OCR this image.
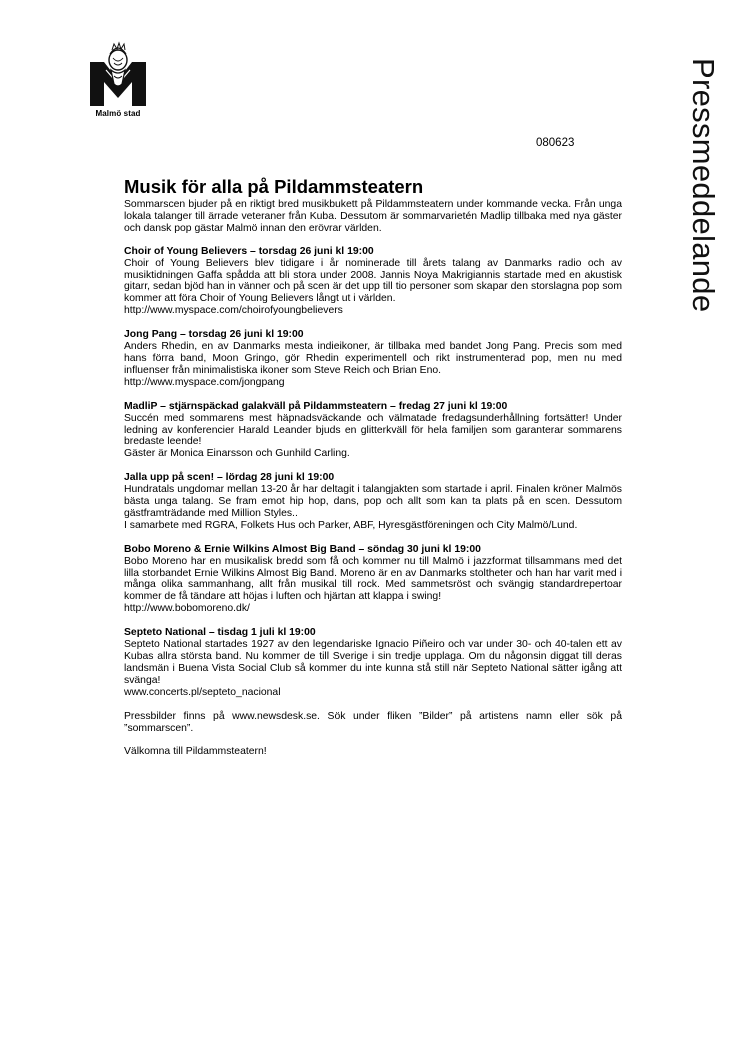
Malmö stad	Pressmeddelande
080623
Musik för alla på Pildammsteatern

Sommarscen bjuder på en riktigt bred musikbukett på Pildammsteatern under kommande vecka. Från unga lokala talanger till ärrade veteraner från Kuba. Dessutom är sommarvarietén Madlip tillbaka med nya gäster och dansk pop gästar Malmö innan den erövrar världen.

Choir of Young Believers – torsdag 26 juni kl 19:00

Choir of Young Believers blev tidigare i år nominerade till årets talang av Danmarks radio och av musiktidningen Gaffa spådda att bli stora under 2008. Jannis Noya Makrigiannis startade med en akustisk gitarr, sedan bjöd han in vänner och på scen är det upp till tio personer som skapar den storslagna pop som kommer att föra Choir of Young Believers långt ut i världen.

http://www.myspace.com/choirofyoungbelievers
Jong Pang – torsdag 26 juni kl 19:00

Anders Rhedin, en av Danmarks mesta indieikoner, är tillbaka med bandet Jong Pang. Precis som med hans förra band, Moon Gringo, gör Rhedin experimentell och rikt instrumenterad pop, men nu med influenser från minimalistiska ikoner som Steve Reich och Brian Eno.

http://www.myspace.com/jongpang
MadliP – stjärnspäckad galakväll på Pildammsteatern – fredag 27 juni kl 19:00

Succén med sommarens mest häpnadsväckande och välmatade fredagsunderhållning fortsätter! Under ledning av konferencier Harald Leander bjuds en glitterkväll för hela familjen som garanterar sommarens bredaste leende!

Gäster är Monica Einarsson och Gunhild Carling.
Jalla upp på scen! – lördag 28 juni kl 19:00

Hundratals ungdomar mellan 13-20 år har deltagit i talangjakten som startade i april. Finalen kröner Malmös bästa unga talang. Se fram emot hip hop, dans, pop och allt som kan ta plats på en scen. Dessutom gästframträdande med Million Styles..

I samarbete med RGRA, Folkets Hus och Parker, ABF, Hyresgästföreningen och City Malmö/Lund.
Bobo Moreno & Ernie Wilkins Almost Big Band – söndag 30 juni kl 19:00

Bobo Moreno har en musikalisk bredd som få och kommer nu till Malmö i jazzformat tillsammans med det lilla storbandet Ernie Wilkins Almost Big Band. Moreno är en av Danmarks stoltheter och han har varit med i många olika sammanhang, allt från musikal till rock. Med sammetsröst och svängig standardrepertoar kommer de få tändare att höjas i luften och hjärtan att klappa i swing!

http://www.bobomoreno.dk/
Septeto National – tisdag 1 juli kl 19:00

Septeto National startades 1927 av den legendariske Ignacio Piñeiro och var under 30- och 40-talen ett av Kubas allra största band. Nu kommer de till Sverige i sin tredje upplaga. Om du någonsin diggat till deras landsmän i Buena Vista Social Club så kommer du inte kunna stå still när Septeto National sätter igång att svänga!

www.concerts.pl/septeto_nacional

Pressbilder finns på www.newsdesk.se. Sök under fliken ”Bilder” på artistens namn eller sök på ”sommarscen”.

Välkomna till Pildammsteatern!
